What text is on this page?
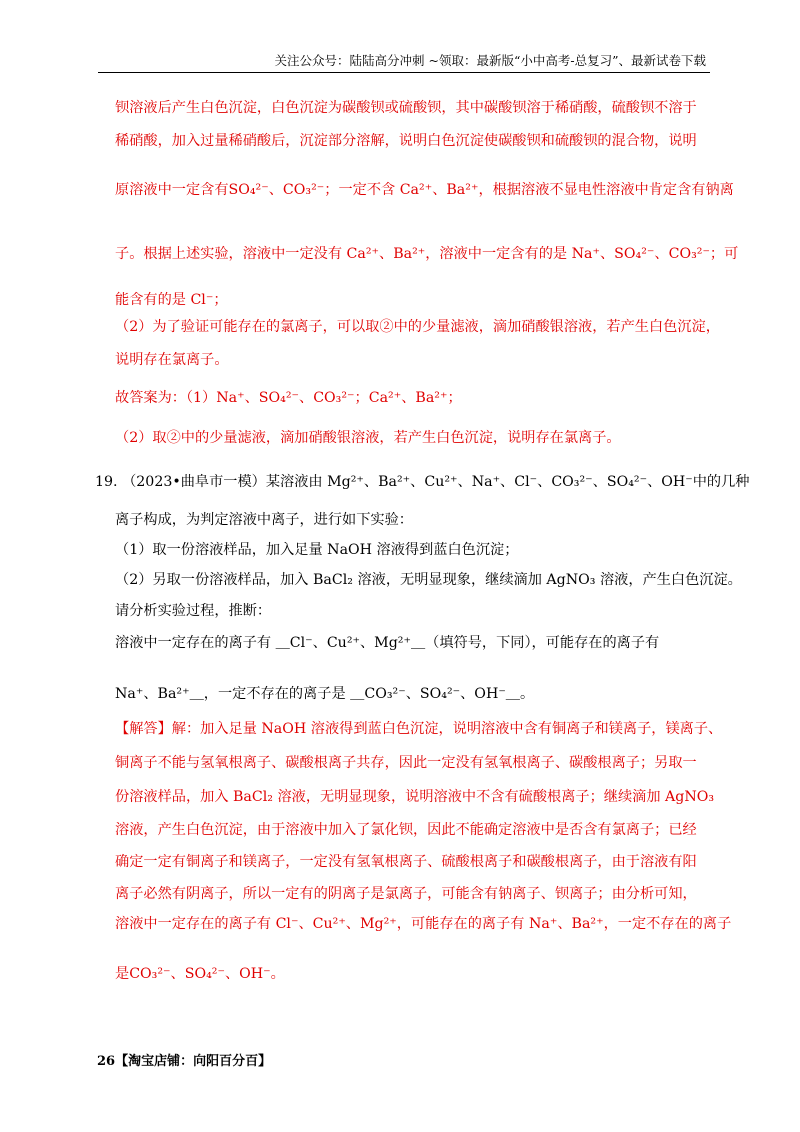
关注公众号：陆陆高分冲刺 ~领取：最新版“小中高考-总复习”、最新试卷下载
钡溶液后产生白色沉淀，白色沉淀为碳酸钡或硫酸钡，其中碳酸钡溶于稀硝酸，硫酸钡不溶于
稀硝酸，加入过量稀硝酸后，沉淀部分溶解，说明白色沉淀使碳酸钡和硫酸钡的混合物，说明
原溶液中一定含有SO₄²⁻、CO₃²⁻；一定不含 Ca²⁺、Ba²⁺，根据溶液不显电性溶液中肯定含有钠离
子。根据上述实验，溶液中一定没有 Ca²⁺、Ba²⁺，溶液中一定含有的是 Na⁺、SO₄²⁻、CO₃²⁻；可
能含有的是 Cl⁻；
（2）为了验证可能存在的氯离子，可以取②中的少量滤液，滴加硝酸银溶液，若产生白色沉淀，
说明存在氯离子。
故答案为：（1）Na⁺、SO₄²⁻、CO₃²⁻；Ca²⁺、Ba²⁺；
（2）取②中的少量滤液，滴加硝酸银溶液，若产生白色沉淀，说明存在氯离子。
19. （2023•曲阜市一模）某溶液由 Mg²⁺、Ba²⁺、Cu²⁺、Na⁺、Cl⁻、CO₃²⁻、SO₄²⁻、OH⁻中的几种
离子构成，为判定溶液中离子，进行如下实验：
（1）取一份溶液样品，加入足量 NaOH 溶液得到蓝白色沉淀；
（2）另取一份溶液样品，加入 BaCl₂ 溶液，无明显现象，继续滴加 AgNO₃ 溶液，产生白色沉淀。
请分析实验过程，推断：
溶液中一定存在的离子有 ＿Cl⁻、Cu²⁺、Mg²⁺＿（填符号，下同），可能存在的离子有
Na⁺、Ba²⁺＿，一定不存在的离子是 ＿CO₃²⁻、SO₄²⁻、OH⁻＿。
【解答】解：加入足量 NaOH 溶液得到蓝白色沉淀，说明溶液中含有铜离子和镁离子，镁离子、
铜离子不能与氢氧根离子、碳酸根离子共存，因此一定没有氢氧根离子、碳酸根离子；另取一
份溶液样品，加入 BaCl₂ 溶液，无明显现象，说明溶液中不含有硫酸根离子；继续滴加 AgNO₃
溶液，产生白色沉淀，由于溶液中加入了氯化钡，因此不能确定溶液中是否含有氯离子；已经
确定一定有铜离子和镁离子，一定没有氢氧根离子、硫酸根离子和碳酸根离子，由于溶液有阳
离子必然有阴离子，所以一定有的阴离子是氯离子，可能含有钠离子、钡离子；由分析可知，
溶液中一定存在的离子有 Cl⁻、Cu²⁺、Mg²⁺，可能存在的离子有 Na⁺、Ba²⁺，一定不存在的离子
是CO₃²⁻、SO₄²⁻、OH⁻。
26【淘宝店铺：向阳百分百】
